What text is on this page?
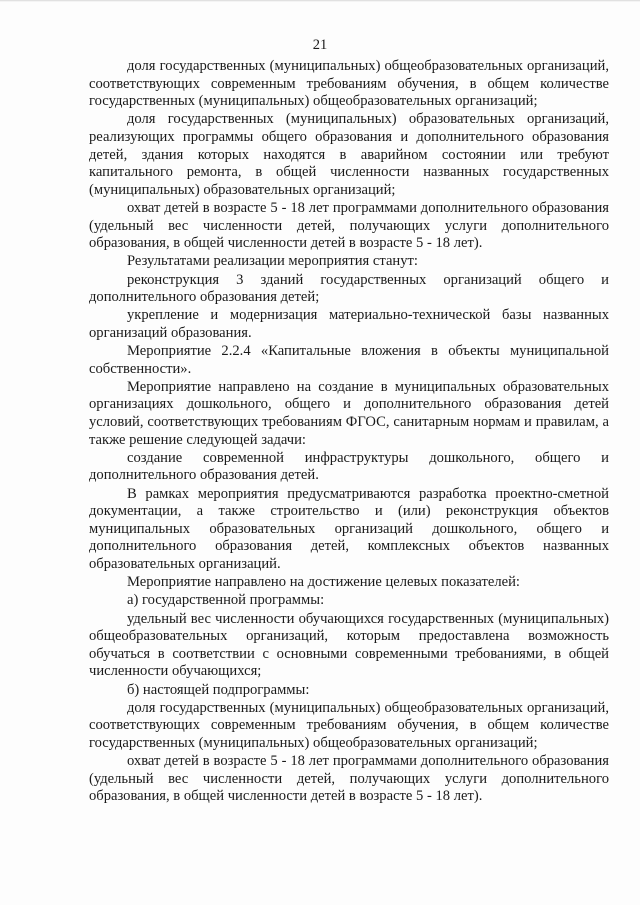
21

доля государственных (муниципальных) общеобразовательных организаций, соответствующих современным требованиям обучения, в общем количестве государственных (муниципальных) общеобразовательных организаций;

доля государственных (муниципальных) образовательных организаций, реализующих программы общего образования и дополнительного образования детей, здания которых находятся в аварийном состоянии или требуют капитального ремонта, в общей численности названных государственных (муниципальных) образовательных организаций;

охват детей в возрасте 5 - 18 лет программами дополнительного образования (удельный вес численности детей, получающих услуги дополнительного образования, в общей численности детей в возрасте 5 - 18 лет).

Результатами реализации мероприятия станут:

реконструкция 3 зданий государственных организаций общего и дополнительного образования детей;

укрепление и модернизация материально-технической базы названных организаций образования.

Мероприятие 2.2.4 «Капитальные вложения в объекты муниципальной собственности».

Мероприятие направлено на создание в муниципальных образовательных организациях дошкольного, общего и дополнительного образования детей условий, соответствующих требованиям ФГОС, санитарным нормам и правилам, а также решение следующей задачи:

создание современной инфраструктуры дошкольного, общего и дополнительного образования детей.

В рамках мероприятия предусматриваются разработка проектно-сметной документации, а также строительство и (или) реконструкция объектов муниципальных образовательных организаций дошкольного, общего и дополнительного образования детей, комплексных объектов названных образовательных организаций.

Мероприятие направлено на достижение целевых показателей:

а) государственной программы:

удельный вес численности обучающихся государственных (муниципальных) общеобразовательных организаций, которым предоставлена возможность обучаться в соответствии с основными современными требованиями, в общей численности обучающихся;

б) настоящей подпрограммы:

доля государственных (муниципальных) общеобразовательных организаций, соответствующих современным требованиям обучения, в общем количестве государственных (муниципальных) общеобразовательных организаций;

охват детей в возрасте 5 - 18 лет программами дополнительного образования (удельный вес численности детей, получающих услуги дополнительного образования, в общей численности детей в возрасте 5 - 18 лет).
